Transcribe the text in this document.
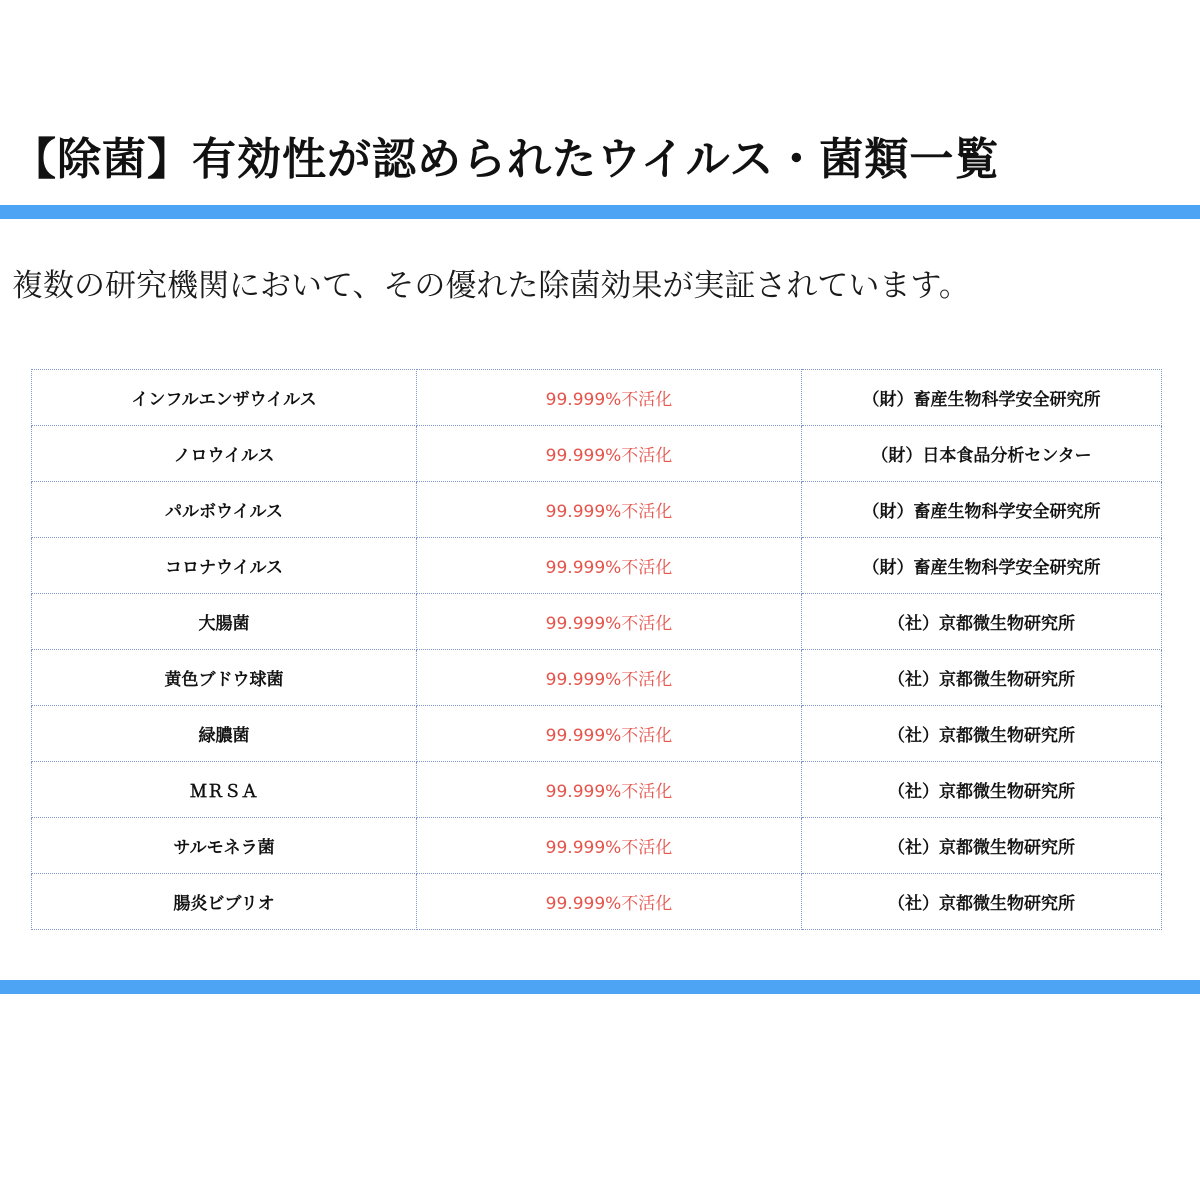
【除菌】有効性が認められたウイルス・菌類一覧

複数の研究機関において、その優れた除菌効果が実証されています。

インフルエンザウイルス	99.999%不活化	（財）畜産生物科学安全研究所
ノロウイルス	99.999%不活化	（財）日本食品分析センター
パルボウイルス	99.999%不活化	（財）畜産生物科学安全研究所
コロナウイルス	99.999%不活化	（財）畜産生物科学安全研究所
大腸菌	99.999%不活化	（社）京都微生物研究所
黄色ブドウ球菌	99.999%不活化	（社）京都微生物研究所
緑膿菌	99.999%不活化	（社）京都微生物研究所
ＭＲＳＡ	99.999%不活化	（社）京都微生物研究所
サルモネラ菌	99.999%不活化	（社）京都微生物研究所
腸炎ビブリオ	99.999%不活化	（社）京都微生物研究所
